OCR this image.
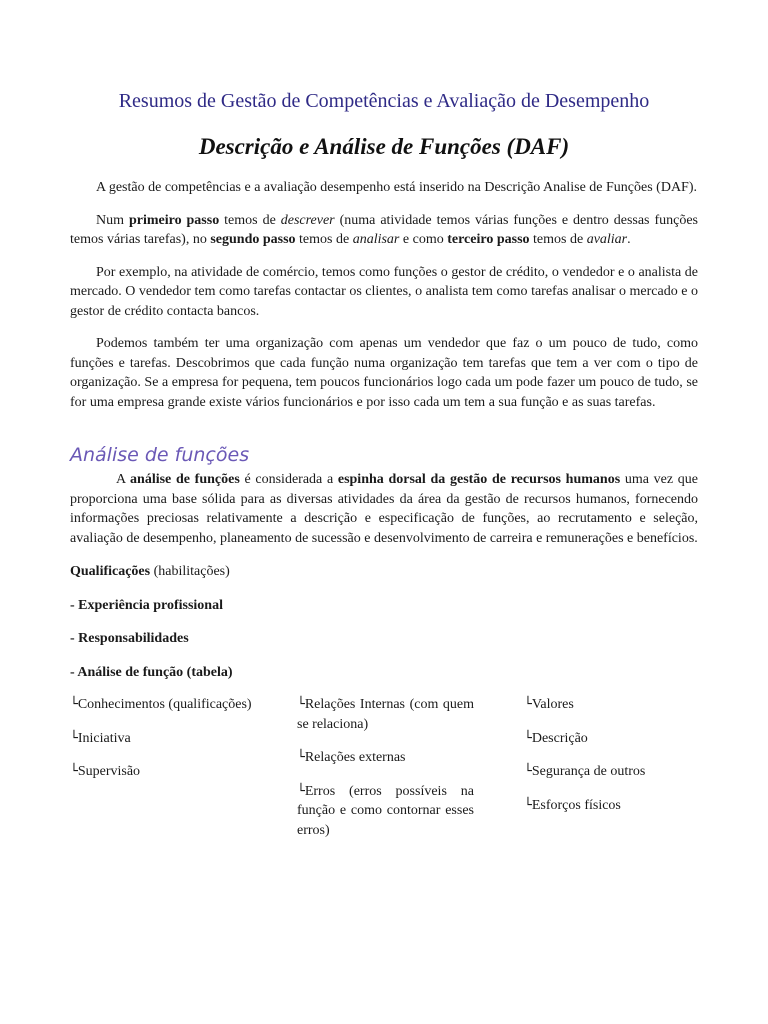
Resumos de Gestão de Competências e Avaliação de Desempenho
Descrição e Análise de Funções (DAF)

A gestão de competências e a avaliação desempenho está inserido na Descrição Analise de Funções (DAF).

Num primeiro passo temos de descrever (numa atividade temos várias funções e dentro dessas funções temos várias tarefas), no segundo passo temos de analisar e como terceiro passo temos de avaliar.

Por exemplo, na atividade de comércio, temos como funções o gestor de crédito, o vendedor e o analista de mercado. O vendedor tem como tarefas contactar os clientes, o analista tem como tarefas analisar o mercado e o gestor de crédito contacta bancos.

Podemos também ter uma organização com apenas um vendedor que faz o um pouco de tudo, como funções e tarefas. Descobrimos que cada função numa organização tem tarefas que tem a ver com o tipo de organização. Se a empresa for pequena, tem poucos funcionários logo cada um pode fazer um pouco de tudo, se for uma empresa grande existe vários funcionários e por isso cada um tem a sua função e as suas tarefas.

Análise de funções

A análise de funções é considerada a espinha dorsal da gestão de recursos humanos uma vez que proporciona uma base sólida para as diversas atividades da área da gestão de recursos humanos, fornecendo informações preciosas relativamente a descrição e especificação de funções, ao recrutamento e seleção, avaliação de desempenho, planeamento de sucessão e desenvolvimento de carreira e remunerações e benefícios.

Qualificações (habilitações)

- Experiência profissional

- Responsabilidades

- Análise de função (tabela)

└Conhecimentos (qualificações)
└Iniciativa
└Supervisão
└Relações Internas (com quem se relaciona)
└Relações externas
└Erros (erros possíveis na função e como contornar esses erros)
└Valores
└Descrição
└Segurança de outros
└Esforços físicos
